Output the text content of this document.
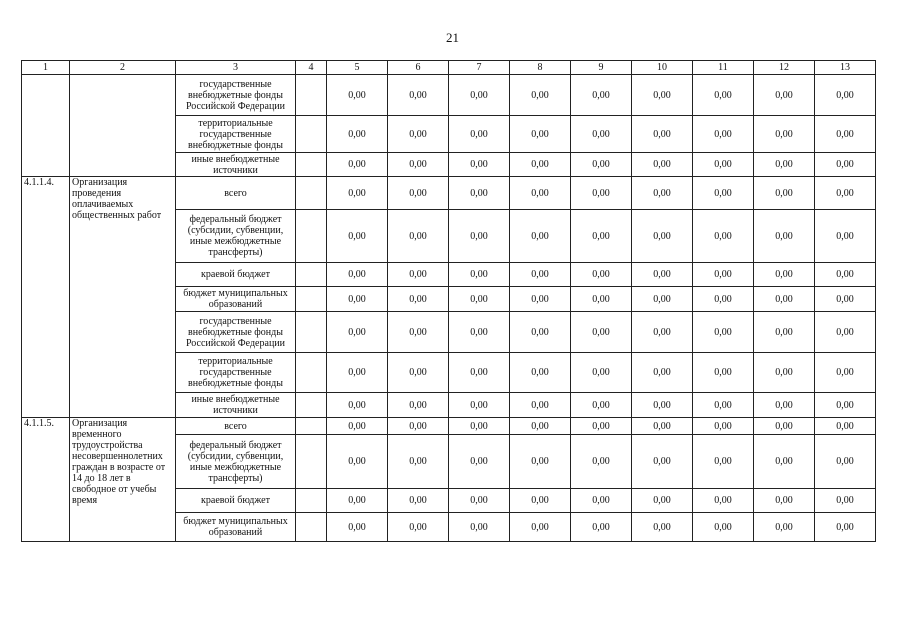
21
1	2	3	4	5	6	7	8	9	10	11	12	13
		государственные внебюджетные фонды Российской Федерации		0,00	0,00	0,00	0,00	0,00	0,00	0,00	0,00	0,00
		территориальные государственные внебюджетные фонды		0,00	0,00	0,00	0,00	0,00	0,00	0,00	0,00	0,00
		иные внебюджетные источники		0,00	0,00	0,00	0,00	0,00	0,00	0,00	0,00	0,00
4.1.1.4.	Организация проведения оплачиваемых общественных работ	всего		0,00	0,00	0,00	0,00	0,00	0,00	0,00	0,00	0,00
		федеральный бюджет (субсидии, субвенции, иные межбюджетные трансферты)		0,00	0,00	0,00	0,00	0,00	0,00	0,00	0,00	0,00
		краевой бюджет		0,00	0,00	0,00	0,00	0,00	0,00	0,00	0,00	0,00
		бюджет муниципальных образований		0,00	0,00	0,00	0,00	0,00	0,00	0,00	0,00	0,00
		государственные внебюджетные фонды Российской Федерации		0,00	0,00	0,00	0,00	0,00	0,00	0,00	0,00	0,00
		территориальные государственные внебюджетные фонды		0,00	0,00	0,00	0,00	0,00	0,00	0,00	0,00	0,00
		иные внебюджетные источники		0,00	0,00	0,00	0,00	0,00	0,00	0,00	0,00	0,00
4.1.1.5.	Организация временного трудоустройства несовершеннолетних граждан в возрасте от 14 до 18 лет в свободное от учебы время	всего		0,00	0,00	0,00	0,00	0,00	0,00	0,00	0,00	0,00
		федеральный бюджет (субсидии, субвенции, иные межбюджетные трансферты)		0,00	0,00	0,00	0,00	0,00	0,00	0,00	0,00	0,00
		краевой бюджет		0,00	0,00	0,00	0,00	0,00	0,00	0,00	0,00	0,00
		бюджет муниципальных образований		0,00	0,00	0,00	0,00	0,00	0,00	0,00	0,00	0,00
